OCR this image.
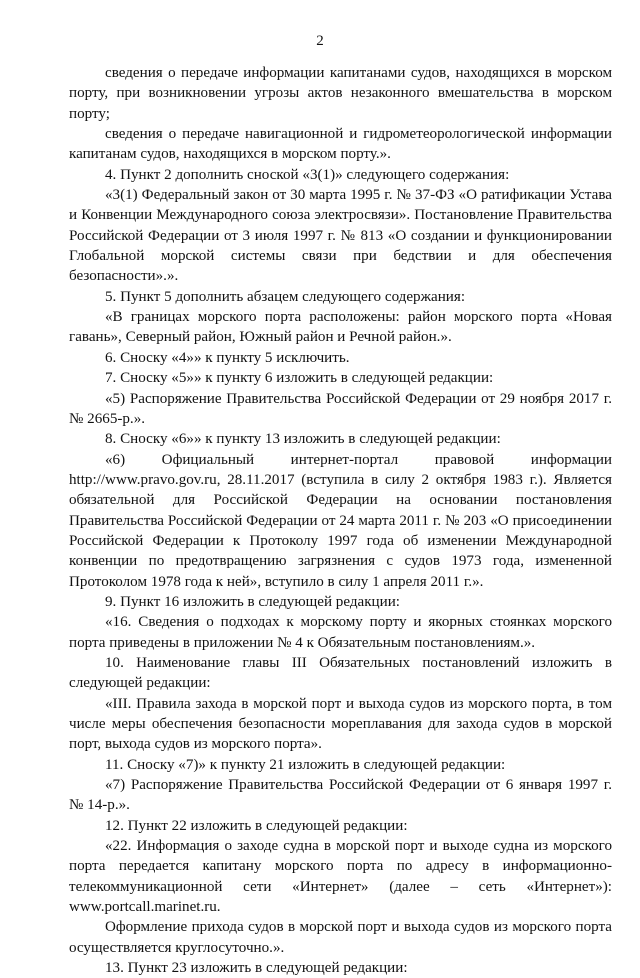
2

сведения о передаче информации капитанами судов, находящихся в морском порту, при возникновении угрозы актов незаконного вмешательства в морском порту;

сведения о передаче навигационной и гидрометеорологической информации капитанам судов, находящихся в морском порту.».

4. Пункт 2 дополнить сноской «3(1)» следующего содержания:

«3(1) Федеральный закон от 30 марта 1995 г. № 37-ФЗ «О ратификации Устава и Конвенции Международного союза электросвязи». Постановление Правительства Российской Федерации от 3 июля 1997 г. № 813 «О создании и функционировании Глобальной морской системы связи при бедствии и для обеспечения безопасности».».

5. Пункт 5 дополнить абзацем следующего содержания:

«В границах морского порта расположены: район морского порта «Новая гавань», Северный район, Южный район и Речной район.».

6. Сноску «4»» к пункту 5 исключить.

7. Сноску «5»» к пункту 6 изложить в следующей редакции:

«5) Распоряжение Правительства Российской Федерации от 29 ноября 2017 г. № 2665-р.».

8. Сноску «6»» к пункту 13 изложить в следующей редакции:

«6) Официальный интернет-портал правовой информации http://www.pravo.gov.ru, 28.11.2017 (вступила в силу 2 октября 1983 г.). Является обязательной для Российской Федерации на основании постановления Правительства Российской Федерации от 24 марта 2011 г. № 203 «О присоединении Российской Федерации к Протоколу 1997 года об изменении Международной конвенции по предотвращению загрязнения с судов 1973 года, измененной Протоколом 1978 года к ней», вступило в силу 1 апреля 2011 г.».

9. Пункт 16 изложить в следующей редакции:

«16. Сведения о подходах к морскому порту и якорных стоянках морского порта приведены в приложении № 4 к Обязательным постановлениям.».

10. Наименование главы III Обязательных постановлений изложить в следующей редакции:

«III. Правила захода в морской порт и выхода судов из морского порта, в том числе меры обеспечения безопасности мореплавания для захода судов в морской порт, выхода судов из морского порта».

11. Сноску «7)» к пункту 21 изложить в следующей редакции:

«7) Распоряжение Правительства Российской Федерации от 6 января 1997 г. № 14-р.».

12. Пункт 22 изложить в следующей редакции:

«22. Информация о заходе судна в морской порт и выходе судна из морского порта передается капитану морского порта по адресу в информационно-телекоммуникационной сети «Интернет» (далее – сеть «Интернет»): www.portcall.marinet.ru.

Оформление прихода судов в морской порт и выхода судов из морского порта осуществляется круглосуточно.».

13. Пункт 23 изложить в следующей редакции:
